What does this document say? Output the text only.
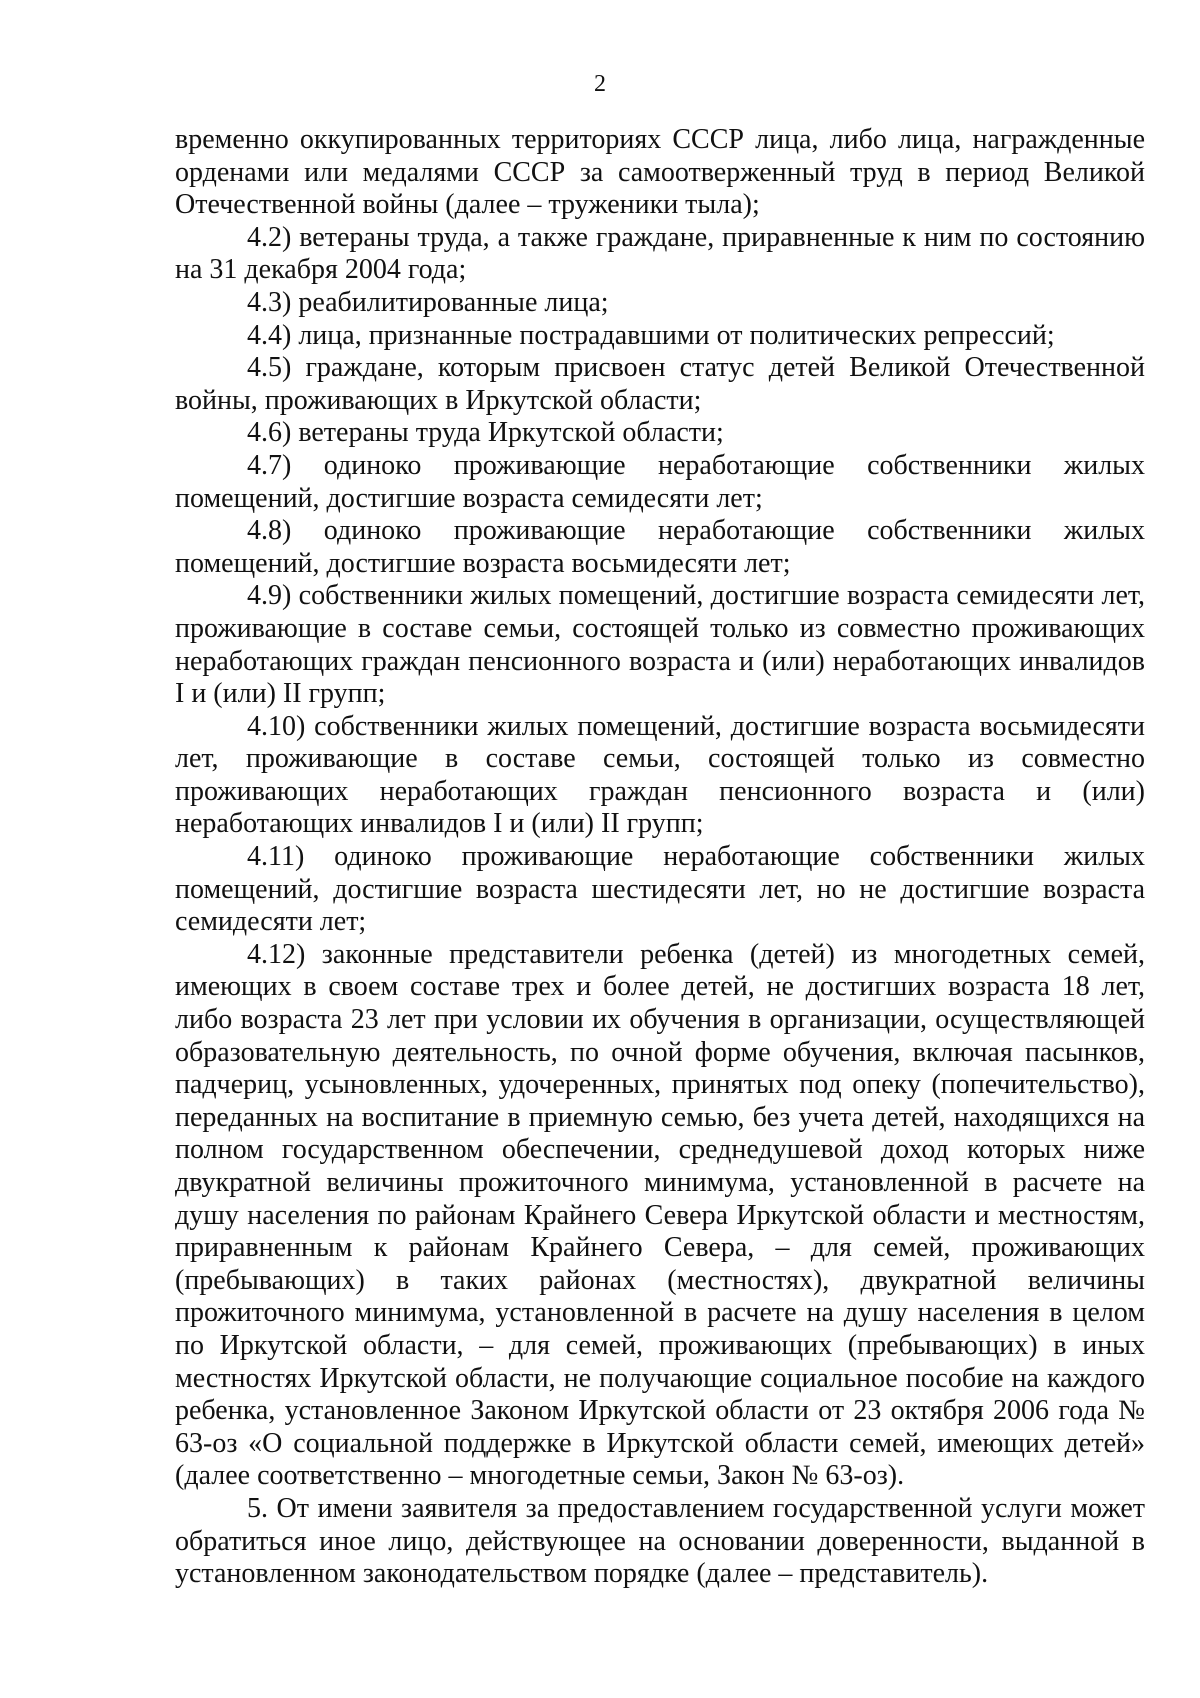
2

временно оккупированных территориях СССР лица, либо лица, награжденные орденами или медалями СССР за самоотверженный труд в период Великой Отечественной войны (далее – труженики тыла);

4.2) ветераны труда, а также граждане, приравненные к ним по состоянию на 31 декабря 2004 года;

4.3) реабилитированные лица;

4.4) лица, признанные пострадавшими от политических репрессий;

4.5) граждане, которым присвоен статус детей Великой Отечественной войны, проживающих в Иркутской области;

4.6) ветераны труда Иркутской области;

4.7) одиноко проживающие неработающие собственники жилых помещений, достигшие возраста семидесяти лет;

4.8) одиноко проживающие неработающие собственники жилых помещений, достигшие возраста восьмидесяти лет;

4.9) собственники жилых помещений, достигшие возраста семидесяти лет, проживающие в составе семьи, состоящей только из совместно проживающих неработающих граждан пенсионного возраста и (или) неработающих инвалидов I и (или) II групп;

4.10) собственники жилых помещений, достигшие возраста восьмидесяти лет, проживающие в составе семьи, состоящей только из совместно проживающих неработающих граждан пенсионного возраста и (или) неработающих инвалидов I и (или) II групп;

4.11) одиноко проживающие неработающие собственники жилых помещений, достигшие возраста шестидесяти лет, но не достигшие возраста семидесяти лет;

4.12) законные представители ребенка (детей) из многодетных семей, имеющих в своем составе трех и более детей, не достигших возраста 18 лет, либо возраста 23 лет при условии их обучения в организации, осуществляющей образовательную деятельность, по очной форме обучения, включая пасынков, падчериц, усыновленных, удочеренных, принятых под опеку (попечительство), переданных на воспитание в приемную семью, без учета детей, находящихся на полном государственном обеспечении, среднедушевой доход которых ниже двукратной величины прожиточного минимума, установленной в расчете на душу населения по районам Крайнего Севера Иркутской области и местностям, приравненным к районам Крайнего Севера, – для семей, проживающих (пребывающих) в таких районах (местностях), двукратной величины прожиточного минимума, установленной в расчете на душу населения в целом по Иркутской области, – для семей, проживающих (пребывающих) в иных местностях Иркутской области, не получающие социальное пособие на каждого ребенка, установленное Законом Иркутской области от 23 октября 2006 года № 63-оз «О социальной поддержке в Иркутской области семей, имеющих детей» (далее соответственно – многодетные семьи, Закон № 63-оз).

5. От имени заявителя за предоставлением государственной услуги может обратиться иное лицо, действующее на основании доверенности, выданной в установленном законодательством порядке (далее – представитель).
